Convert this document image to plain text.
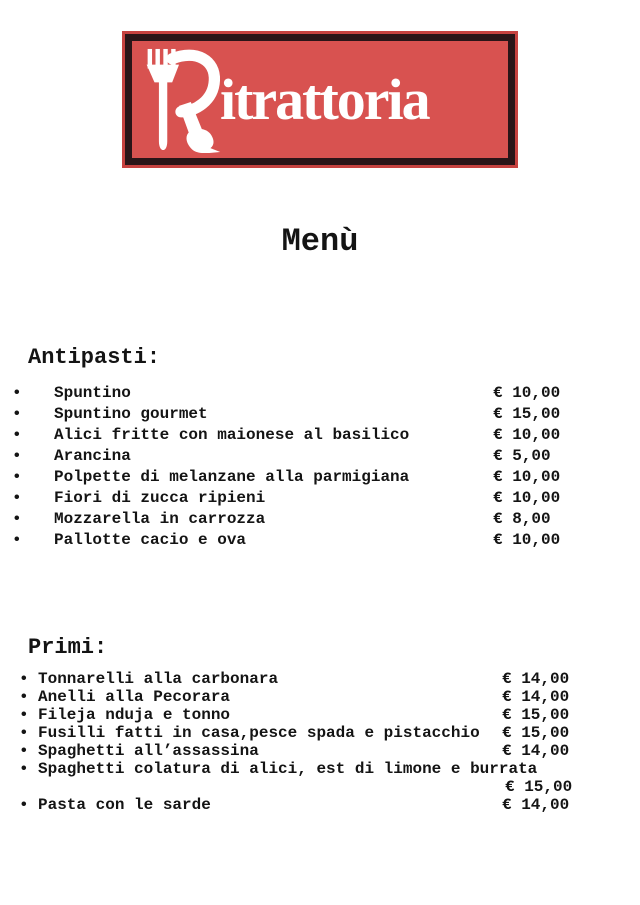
itrattoria
Menù
Antipasti:
•	Spuntino	€ 10,00
•	Spuntino gourmet	€ 15,00
•	Alici fritte con maionese al basilico	€ 10,00
•	Arancina	€ 5,00
•	Polpette di melanzane alla parmigiana	€ 10,00
•	Fiori di zucca ripieni	€ 10,00
•	Mozzarella in carrozza	€ 8,00
•	Pallotte cacio e ova	€ 10,00
Primi:
• Tonnarelli alla carbonara	€ 14,00
• Anelli alla Pecorara	€ 14,00
• Fileja nduja e tonno	€ 15,00
• Fusilli fatti in casa,pesce spada e pistacchio	€ 15,00
• Spaghetti all’assassina	€ 14,00
• Spaghetti colatura di alici, est di limone e burrata
€ 15,00
• Pasta con le sarde	€ 14,00
